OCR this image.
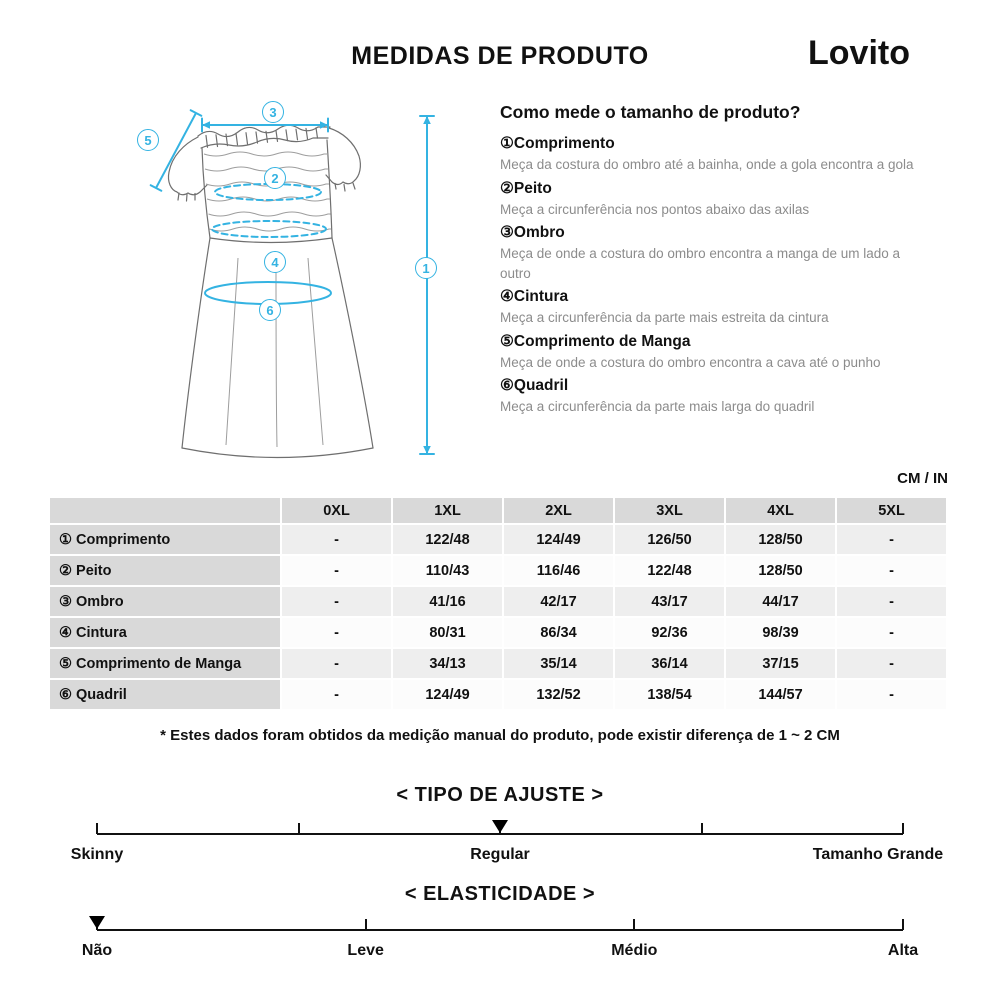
MEDIDAS DE PRODUTO	Lovito
1
2
3
4
5
6
Como mede o tamanho de produto?
①Comprimento
Meça da costura do ombro até a bainha, onde a gola encontra a gola
②Peito
Meça a circunferência nos pontos abaixo das axilas
③Ombro
Meça de onde a costura do ombro encontra a manga de um lado a outro
④Cintura
Meça a circunferência da parte mais estreita da cintura
⑤Comprimento de Manga
Meça de onde a costura do ombro encontra a cava até o punho
⑥Quadril
Meça a circunferência da parte mais larga do quadril
CM / IN
	0XL	1XL	2XL	3XL	4XL	5XL
① Comprimento	-	122/48	124/49	126/50	128/50	-
② Peito	-	110/43	116/46	122/48	128/50	-
③ Ombro	-	41/16	42/17	43/17	44/17	-
④ Cintura	-	80/31	86/34	92/36	98/39	-
⑤ Comprimento de Manga	-	34/13	35/14	36/14	37/15	-
⑥ Quadril	-	124/49	132/52	138/54	144/57	-
* Estes dados foram obtidos da medição manual do produto, pode existir diferença de 1 ~ 2 CM
< TIPO DE AJUSTE >
Skinny	Regular	Tamanho Grande
< ELASTICIDADE >
Não	Leve	Médio	Alta
